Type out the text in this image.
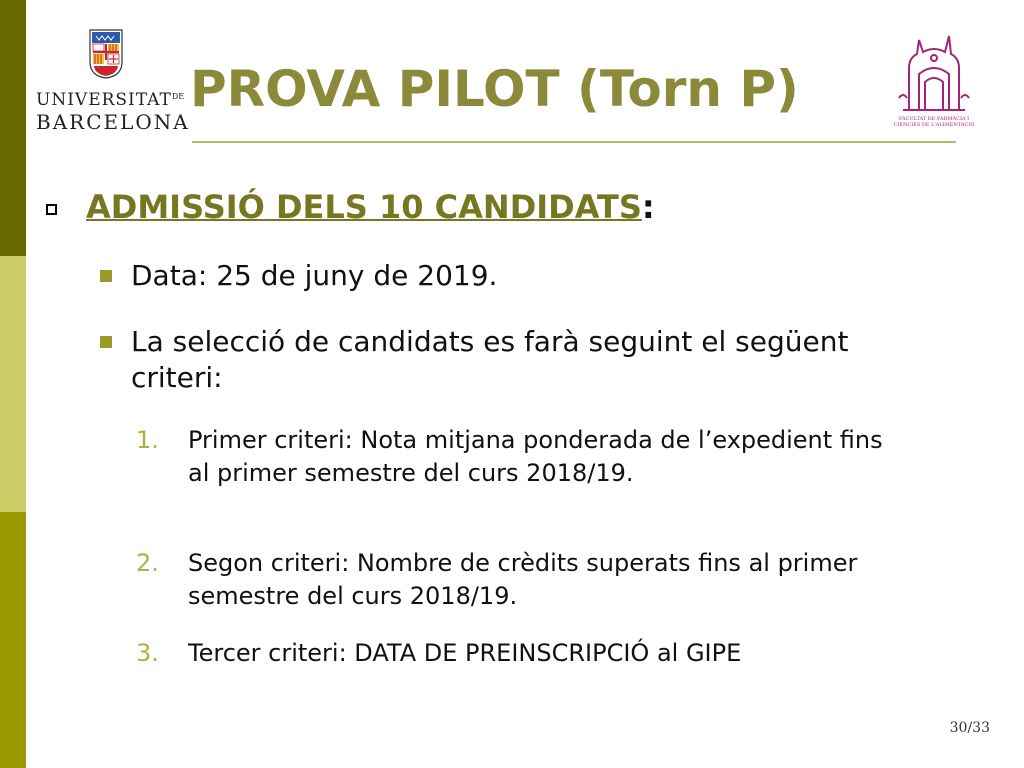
$UNIVERSITAT^{DE}$
BARCELONA
PROVA PILOT (Torn P)
FACULTAT DE FARMÀCIA I
CIÈNCIES DE L'ALIMENTACIÓ
ADMISSIÓ DELS 10 CANDIDATS:
Data: 25 de juny de 2019.
La selecció de candidats es farà seguint el següent criteri:
1. Primer criteri: Nota mitjana ponderada de l’expedient fins al primer semestre del curs 2018/19.
2. Segon criteri: Nombre de crèdits superats fins al primer semestre del curs 2018/19.
3. Tercer criteri: DATA DE PREINSCRIPCIÓ al GIPE
30/33
